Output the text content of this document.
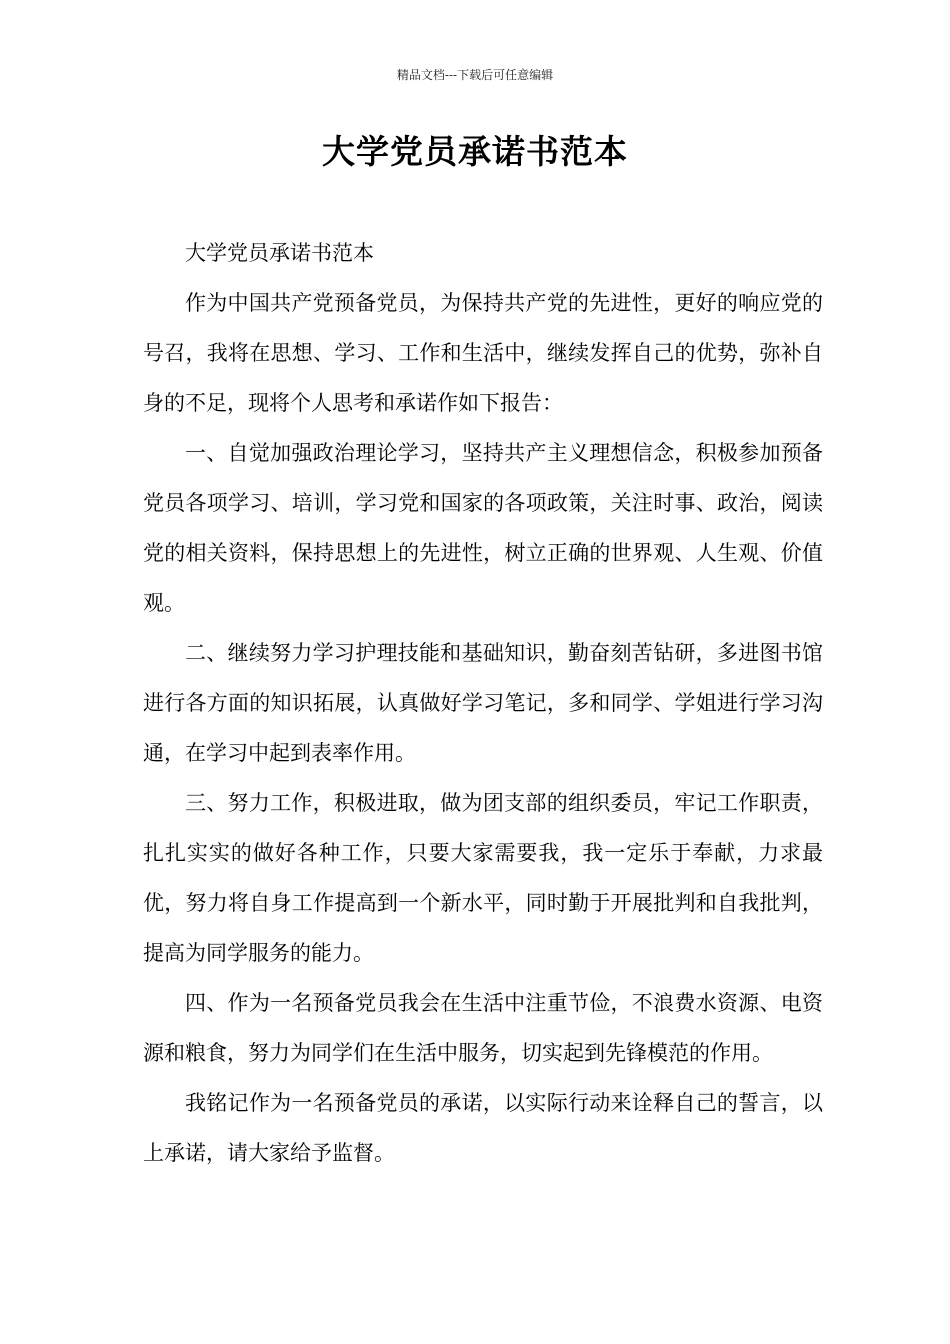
精品文档---下载后可任意编辑
大学党员承诺书范本

大学党员承诺书范本

作为中国共产党预备党员，为保持共产党的先进性，更好的响应党的号召，我将在思想、学习、工作和生活中，继续发挥自己的优势，弥补自身的不足，现将个人思考和承诺作如下报告：

一、自觉加强政治理论学习，坚持共产主义理想信念，积极参加预备党员各项学习、培训，学习党和国家的各项政策，关注时事、政治，阅读党的相关资料，保持思想上的先进性，树立正确的世界观、人生观、价值观。

二、继续努力学习护理技能和基础知识，勤奋刻苦钻研，多进图书馆进行各方面的知识拓展，认真做好学习笔记，多和同学、学姐进行学习沟通，在学习中起到表率作用。

三、努力工作，积极进取，做为团支部的组织委员，牢记工作职责，扎扎实实的做好各种工作，只要大家需要我，我一定乐于奉献，力求最优，努力将自身工作提高到一个新水平，同时勤于开展批判和自我批判，提高为同学服务的能力。

四、作为一名预备党员我会在生活中注重节俭，不浪费水资源、电资源和粮食，努力为同学们在生活中服务，切实起到先锋模范的作用。

我铭记作为一名预备党员的承诺，以实际行动来诠释自己的誓言，以上承诺，请大家给予监督。
